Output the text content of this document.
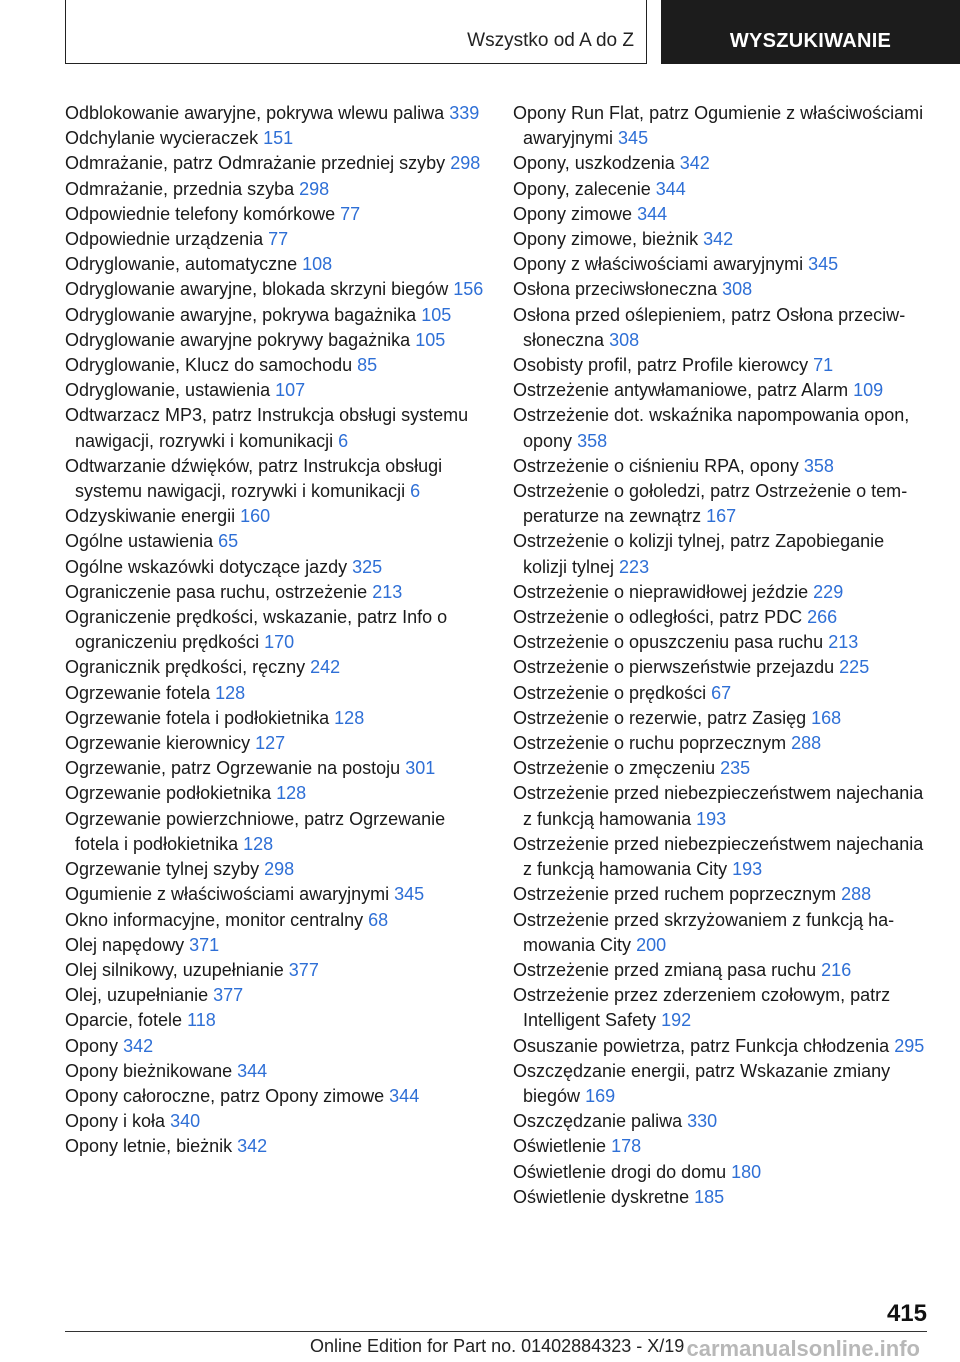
Wszystko od A do Z	WYSZUKIWANIE

Odblokowanie awaryjne, pokrywa wlewu paliwa 339

Odchylanie wycieraczek 151

Odmrażanie, patrz Odmrażanie przedniej szyby 298

Odmrażanie, przednia szyba 298

Odpowiednie telefony komórkowe 77

Odpowiednie urządzenia 77

Odryglowanie, automatyczne 108

Odryglowanie awaryjne, blokada skrzyni biegów 156

Odryglowanie awaryjne, pokrywa bagażnika 105

Odryglowanie awaryjne pokrywy bagażnika 105

Odryglowanie, Klucz do samochodu 85

Odryglowanie, ustawienia 107

Odtwarzacz MP3, patrz Instrukcja obsługi systemu nawigacji, rozrywki i komunikacji 6

Odtwarzanie dźwięków, patrz Instrukcja obsługi systemu nawigacji, rozrywki i komunikacji 6

Odzyskiwanie energii 160

Ogólne ustawienia 65

Ogólne wskazówki dotyczące jazdy 325

Ograniczenie pasa ruchu, ostrzeżenie 213

Ograniczenie prędkości, wskazanie, patrz Info o ograniczeniu prędkości 170

Ogranicznik prędkości, ręczny 242

Ogrzewanie fotela 128

Ogrzewanie fotela i podłokietnika 128

Ogrzewanie kierownicy 127

Ogrzewanie, patrz Ogrzewanie na postoju 301

Ogrzewanie podłokietnika 128

Ogrzewanie powierzchniowe, patrz Ogrzewanie fotela i podłokietnika 128

Ogrzewanie tylnej szyby 298

Ogumienie z właściwościami awaryjnymi 345

Okno informacyjne, monitor centralny 68

Olej napędowy 371

Olej silnikowy, uzupełnianie 377

Olej, uzupełnianie 377

Oparcie, fotele 118

Opony 342

Opony bieżnikowane 344

Opony całoroczne, patrz Opony zimowe 344

Opony i koła 340

Opony letnie, bieżnik 342

Opony Run Flat, patrz Ogumienie z właściwościami awaryjnymi 345

Opony, uszkodzenia 342

Opony, zalecenie 344

Opony zimowe 344

Opony zimowe, bieżnik 342

Opony z właściwościami awaryjnymi 345

Osłona przeciwsłoneczna 308

Osłona przed oślepieniem, patrz Osłona przeciwsłoneczna 308

Osobisty profil, patrz Profile kierowcy 71

Ostrzeżenie antywłamaniowe, patrz Alarm 109

Ostrzeżenie dot. wskaźnika napompowania opon, opony 358

Ostrzeżenie o ciśnieniu RPA, opony 358

Ostrzeżenie o gołoledzi, patrz Ostrzeżenie o temperaturze na zewnątrz 167

Ostrzeżenie o kolizji tylnej, patrz Zapobieganie kolizji tylnej 223

Ostrzeżenie o nieprawidłowej jeździe 229

Ostrzeżenie o odległości, patrz PDC 266

Ostrzeżenie o opuszczeniu pasa ruchu 213

Ostrzeżenie o pierwszeństwie przejazdu 225

Ostrzeżenie o prędkości 67

Ostrzeżenie o rezerwie, patrz Zasięg 168

Ostrzeżenie o ruchu poprzecznym 288

Ostrzeżenie o zmęczeniu 235

Ostrzeżenie przed niebezpieczeństwem najechania z funkcją hamowania 193

Ostrzeżenie przed niebezpieczeństwem najechania z funkcją hamowania City 193

Ostrzeżenie przed ruchem poprzecznym 288

Ostrzeżenie przed skrzyżowaniem z funkcją hamowania City 200

Ostrzeżenie przed zmianą pasa ruchu 216

Ostrzeżenie przez zderzeniem czołowym, patrz Intelligent Safety 192

Osuszanie powietrza, patrz Funkcja chłodzenia 295

Oszczędzanie energii, patrz Wskazanie zmiany biegów 169

Oszczędzanie paliwa 330

Oświetlenie 178

Oświetlenie drogi do domu 180

Oświetlenie dyskretne 185

415
Online Edition for Part no. 01402884323 - X/19 carmanualsonline.info
